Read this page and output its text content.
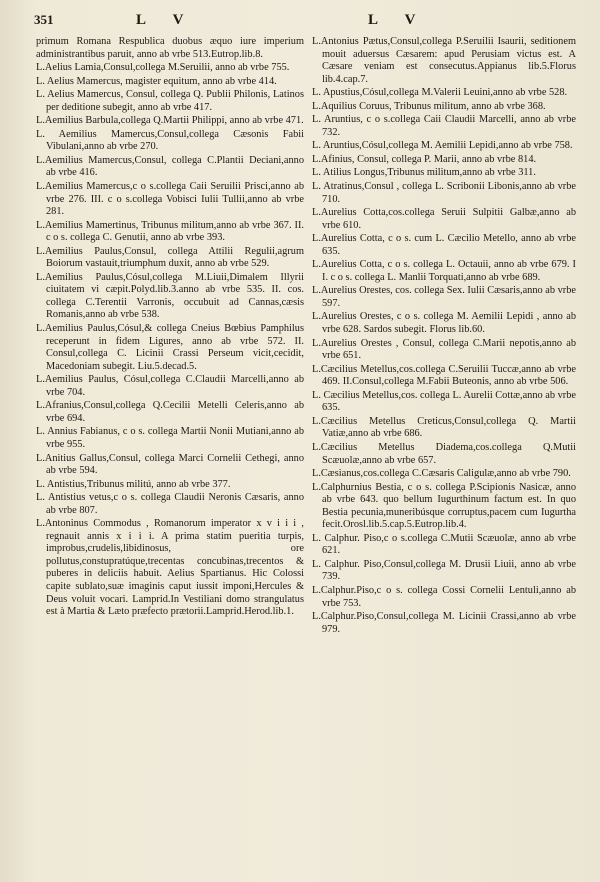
351	LV	LV

primum Romana Respublica duobus æquo iure imperium administrantibus paruit, anno ab vrbe 513.Eutrop.lib.8.

L.Aelius Lamia,Consul,collega M.Seruilii, anno ab vrbe 755.

L. Aelius Mamercus, magister equitum, anno ab vrbe 414.

L. Aelius Mamercus, Consul, collega Q. Publii Philonis, Latinos per deditione subegit, anno ab vrbe 417.

L.Aemilius Barbula,collega Q.Martii Philippi, anno ab vrbe 471.

L. Aemilius Mamercus,Consul,collega Cæsonis Fabii Vibulani,anno ab vrbe 270.

L.Aemilius Mamercus,Consul, collega C.Plantii Deciani,anno ab vrbe 416.

L.Aemilius Mamercus,c o s.collega Caii Seruilii Prisci,anno ab vrbe 276. III. c o s.collega Vobisci Iulii Tullii,anno ab vrbe 281.

L.Aemilius Mamertinus, Tribunus militum,anno ab vrbe 367. II. c o s. collega C. Genutii, anno ab vrbe 393.

L.Aemilius Paulus,Consul, collega Attilii Regulii,agrum Boiorum vastauit,triumphum duxit, anno ab vrbe 529.

L.Aemilius Paulus,Cósul,collega M.Liuii,Dimalem Illyrii ciuitatem vi cæpit.Polyd.lib.3.anno ab vrbe 535. II. cos. collega C.Terentii Varronis, occubuit ad Cannas,cæsis Romanis,anno ab vrbe 538.

L.Aemilius Paulus,Cósul,& collega Cneius Bœbius Pamphilus receperunt in fidem Ligures, anno ab vrbe 572. II. Consul,collega C. Licinii Crassi Perseum vicit,cecidit, Macedoniam subegit. Liu.5.decad.5.

L.Aemilius Paulus, Cósul,collega C.Claudii Marcelli,anno ab vrbe 704.

L.Afranius,Consul,collega Q.Cecilii Metelli Celeris,anno ab vrbe 694.

L. Annius Fabianus, c o s. collega Martii Nonii Mutiani,anno ab vrbe 955.

L.Anitius Gallus,Consul, collega Marci Cornelii Cethegi, anno ab vrbe 594.

L. Antistius,Tribunus militú, anno ab vrbe 377.

L. Antistius vetus,c o s. collega Claudii Neronis Cæsaris, anno ab vrbe 807.

L.Antoninus Commodus , Romanorum imperator x v i i i , regnauit annis x i i i. A prima statim pueritia turpis, improbus,crudelis,libidinosus, ore pollutus,constupratúque,trecentas concubinas,trecentos & puberes in deliciis habuit. Aelius Spartianus. Hic Colossi capite sublato,suæ imaginis caput iussit imponi,Hercules & Deus voluit vocari. Lamprid.In Vestiliani domo strangulatus est à Martia & Læto præfecto prætorii.Lamprid.Herod.lib.1.

L.Antonius Pætus,Consul,collega P.Seruilii Isaurii, seditionem mouit aduersus Cæsarem: apud Perusiam victus est. A Cæsare veniam est consecutus.Appianus lib.5.Florus lib.4.cap.7.

L. Apustius,Cósul,collega M.Valerii Leuini,anno ab vrbe 528.

L.Aquilius Coruus, Tribunus militum, anno ab vrbe 368.

L. Aruntius, c o s.collega Caii Claudii Marcelli, anno ab vrbe 732.

L. Aruntius,Cósul,collega M. Aemilii Lepidi,anno ab vrbe 758.

L.Afinius, Consul, collega P. Marii, anno ab vrbe 814.

L. Atilius Longus,Tribunus militum,anno ab vrbe 311.

L. Atratinus,Consul , collega L. Scribonii Libonis,anno ab vrbe 710.

L.Aurelius Cotta,cos.collega Seruii Sulpitii Galbæ,anno ab vrbe 610.

L.Aurelius Cotta, c o s. cum L. Cæcilio Metello, anno ab vrbe 635.

L.Aurelius Cotta, c o s. collega L. Octauii, anno ab vrbe 679. I I. c o s. collega L. Manlii Torquati,anno ab vrbe 689.

L.Aurelius Orestes, cos. collega Sex. Iulii Cæsaris,anno ab vrbe 597.

L.Aurelius Orestes, c o s. collega M. Aemilii Lepidi , anno ab vrbe 628. Sardos subegit. Florus lib.60.

L.Aurelius Orestes , Consul, collega C.Marii nepotis,anno ab vrbe 651.

L.Cæcilius Metellus,cos.collega C.Seruilii Tuccæ,anno ab vrbe 469. II.Consul,collega M.Fabii Buteonis, anno ab vrbe 506.

L. Cæcilius Metellus,cos. collega L. Aurelii Cottæ,anno ab vrbe 635.

L.Cæcilius Metellus Creticus,Consul,collega Q. Martii Vatiæ,anno ab vrbe 686.

L.Cæcilius Metellus Diadema,cos.collega Q.Mutii Scæuolæ,anno ab vrbe 657.

L.Cæsianus,cos.collega C.Cæsaris Caligulæ,anno ab vrbe 790.

L.Calphurnius Bestia, c o s. collega P.Scipionis Nasicæ, anno ab vrbe 643. quo bellum Iugurthinum factum est. In quo Bestia pecunia,muneribúsque corruptus,pacem cum Iugurtha fecit.Orosl.lib.5.cap.5.Eutrop.lib.4.

L. Calphur. Piso,c o s.collega C.Mutii Scæuolæ, anno ab vrbe 621.

L. Calphur. Piso,Consul,collega M. Drusii Liuii, anno ab vrbe 739.

L.Calphur.Piso,c o s. collega Cossi Cornelii Lentuli,anno ab vrbe 753.

L.Calphur.Piso,Consul,collega M. Licinii Crassi,anno ab vrbe 979.
